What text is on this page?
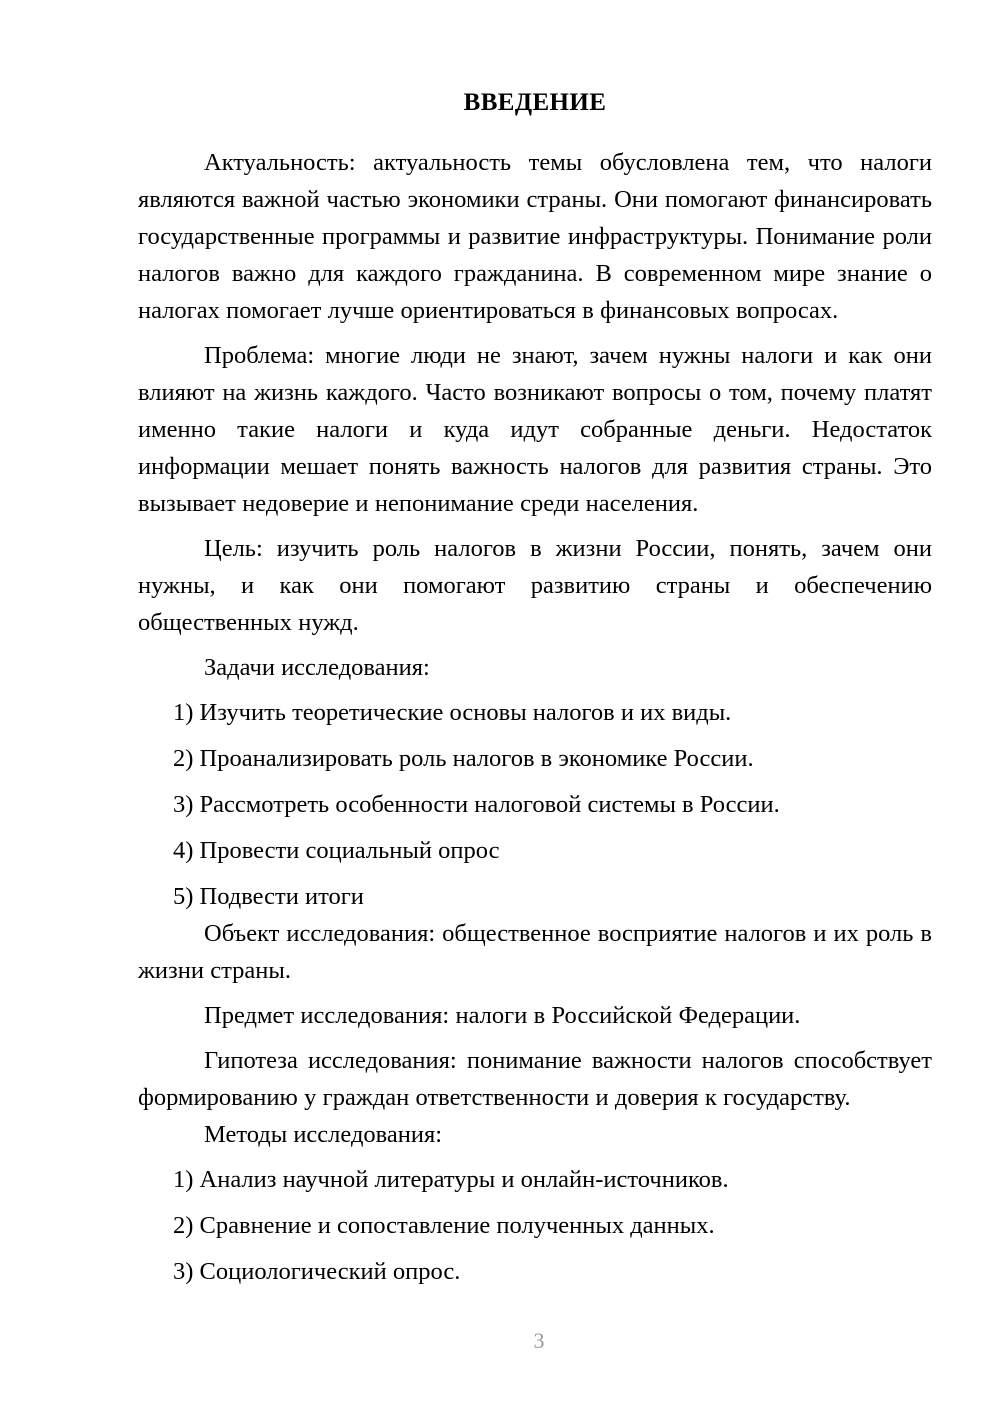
ВВЕДЕНИЕ

Актуальность: актуальность темы обусловлена тем, что налоги являются важной частью экономики страны. Они помогают финансировать государственные программы и развитие инфраструктуры. Понимание роли налогов важно для каждого гражданина. В современном мире знание о налогах помогает лучше ориентироваться в финансовых вопросах.

Проблема: многие люди не знают, зачем нужны налоги и как они влияют на жизнь каждого. Часто возникают вопросы о том, почему платят именно такие налоги и куда идут собранные деньги. Недостаток информации мешает понять важность налогов для развития страны. Это вызывает недоверие и непонимание среди населения.

Цель: изучить роль налогов в жизни России, понять, зачем они нужны, и как они помогают развитию страны и обеспечению общественных нужд.

Задачи исследования:
1) Изучить теоретические основы налогов и их виды.
2) Проанализировать роль налогов в экономике России.
3) Рассмотреть особенности налоговой системы в России.
4) Провести социальный опрос
5) Подвести итоги

Объект исследования: общественное восприятие налогов и их роль в жизни страны.

Предмет исследования: налоги в Российской Федерации.

Гипотеза исследования: понимание важности налогов способствует формированию у граждан ответственности и доверия к государству.

Методы исследования:
1) Анализ научной литературы и онлайн-источников.
2) Сравнение и сопоставление полученных данных.
3) Социологический опрос.
3
